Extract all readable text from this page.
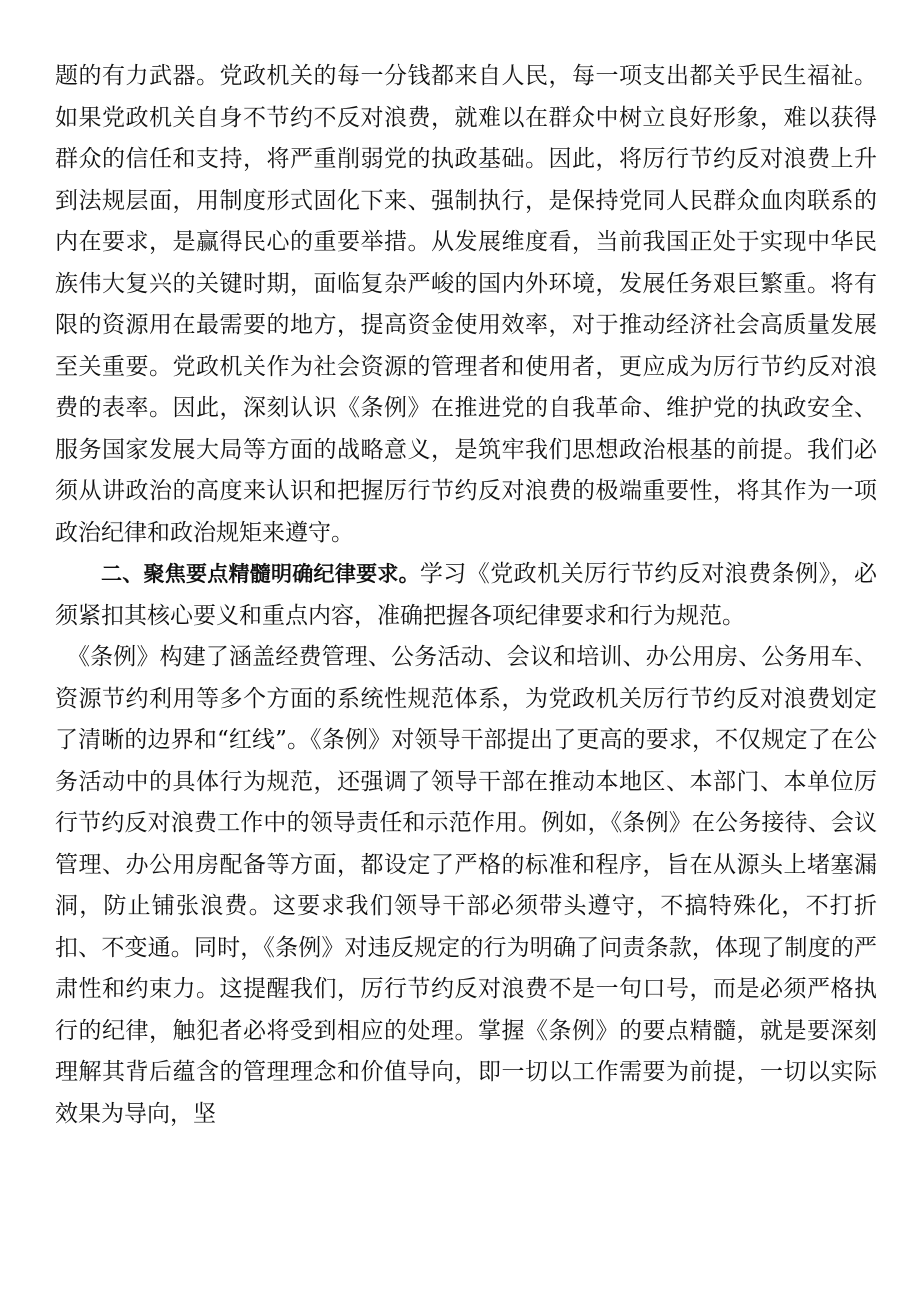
题的有力武器。党政机关的每一分钱都来自人民，每一项支出都关乎民生福祉。如果党政机关自身不节约不反对浪费，就难以在群众中树立良好形象，难以获得群众的信任和支持，将严重削弱党的执政基础。因此，将厉行节约反对浪费上升到法规层面，用制度形式固化下来、强制执行，是保持党同人民群众血肉联系的内在要求，是赢得民心的重要举措。从发展维度看，当前我国正处于实现中华民族伟大复兴的关键时期，面临复杂严峻的国内外环境，发展任务艰巨繁重。将有限的资源用在最需要的地方，提高资金使用效率，对于推动经济社会高质量发展至关重要。党政机关作为社会资源的管理者和使用者，更应成为厉行节约反对浪费的表率。因此，深刻认识《条例》在推进党的自我革命、维护党的执政安全、服务国家发展大局等方面的战略意义，是筑牢我们思想政治根基的前提。我们必须从讲政治的高度来认识和把握厉行节约反对浪费的极端重要性，将其作为一项政治纪律和政治规矩来遵守。

二、聚焦要点精髓明确纪律要求。学习《党政机关厉行节约反对浪费条例》，必须紧扣其核心要义和重点内容，准确把握各项纪律要求和行为规范。

《条例》构建了涵盖经费管理、公务活动、会议和培训、办公用房、公务用车、资源节约利用等多个方面的系统性规范体系，为党政机关厉行节约反对浪费划定了清晰的边界和“红线”。《条例》对领导干部提出了更高的要求，不仅规定了在公务活动中的具体行为规范，还强调了领导干部在推动本地区、本部门、本单位厉行节约反对浪费工作中的领导责任和示范作用。例如，《条例》在公务接待、会议管理、办公用房配备等方面，都设定了严格的标准和程序，旨在从源头上堵塞漏洞，防止铺张浪费。这要求我们领导干部必须带头遵守，不搞特殊化，不打折扣、不变通。同时，《条例》对违反规定的行为明确了问责条款，体现了制度的严肃性和约束力。这提醒我们，厉行节约反对浪费不是一句口号，而是必须严格执行的纪律，触犯者必将受到相应的处理。掌握《条例》的要点精髓，就是要深刻理解其背后蕴含的管理理念和价值导向，即一切以工作需要为前提，一切以实际效果为导向，坚
